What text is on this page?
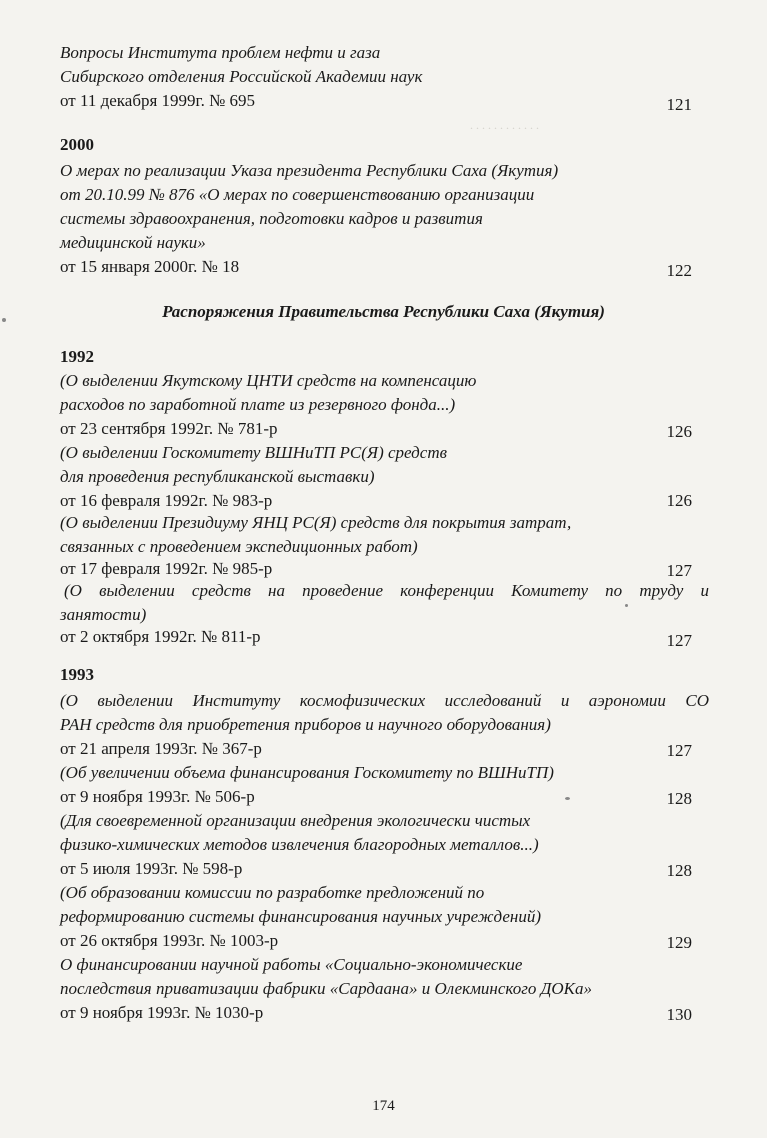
. . . . . . . . . . . .
Вопросы Института проблем нефти и газа
Сибирского отделения Российской Академии наук
от 11 декабря 1999г. № 695	121
2000
О мерах по реализации Указа президента Республики Саха (Якутия)
от 20.10.99 № 876 «О мерах по совершенствованию организации
системы здравоохранения, подготовки кадров и развития
медицинской науки»
от 15 января 2000г. № 18	122
Распоряжения Правительства Республики Саха (Якутия)
1992
(О выделении Якутскому ЦНТИ средств на компенсацию
расходов по заработной плате из резервного фонда...)
от 23 сентября 1992г. № 781-р	126
(О выделении Госкомитету ВШНиТП РС(Я) средств
для проведения республиканской выставки)
от 16 февраля 1992г. № 983-р	126
(О выделении Президиуму ЯНЦ РС(Я) средств для покрытия затрат,
связанных с проведением экспедиционных работ)
от 17 февраля 1992г. № 985-р	127
(О выделении средств на проведение конференции Комитету по труду и
занятости)
от 2 октября 1992г. № 811-р	127
1993
(О выделении Институту космофизических исследований и аэрономии СО
РАН средств для приобретения приборов и научного оборудования)
от 21 апреля 1993г. № 367-р	127
(Об увеличении объема финансирования Госкомитету по ВШНиТП)
от 9 ноября 1993г. № 506-р	128
(Для своевременной организации внедрения экологически чистых
физико-химических методов извлечения благородных металлов...)
от 5 июля 1993г. № 598-р	128
(Об образовании комиссии по разработке предложений по
реформированию системы финансирования научных учреждений)
от 26 октября 1993г. № 1003-р	129
О финансировании научной работы «Социально-экономические
последствия приватизации фабрики «Сардаана» и Олекминского ДОКа»
от 9 ноября 1993г. № 1030-р	130
174
